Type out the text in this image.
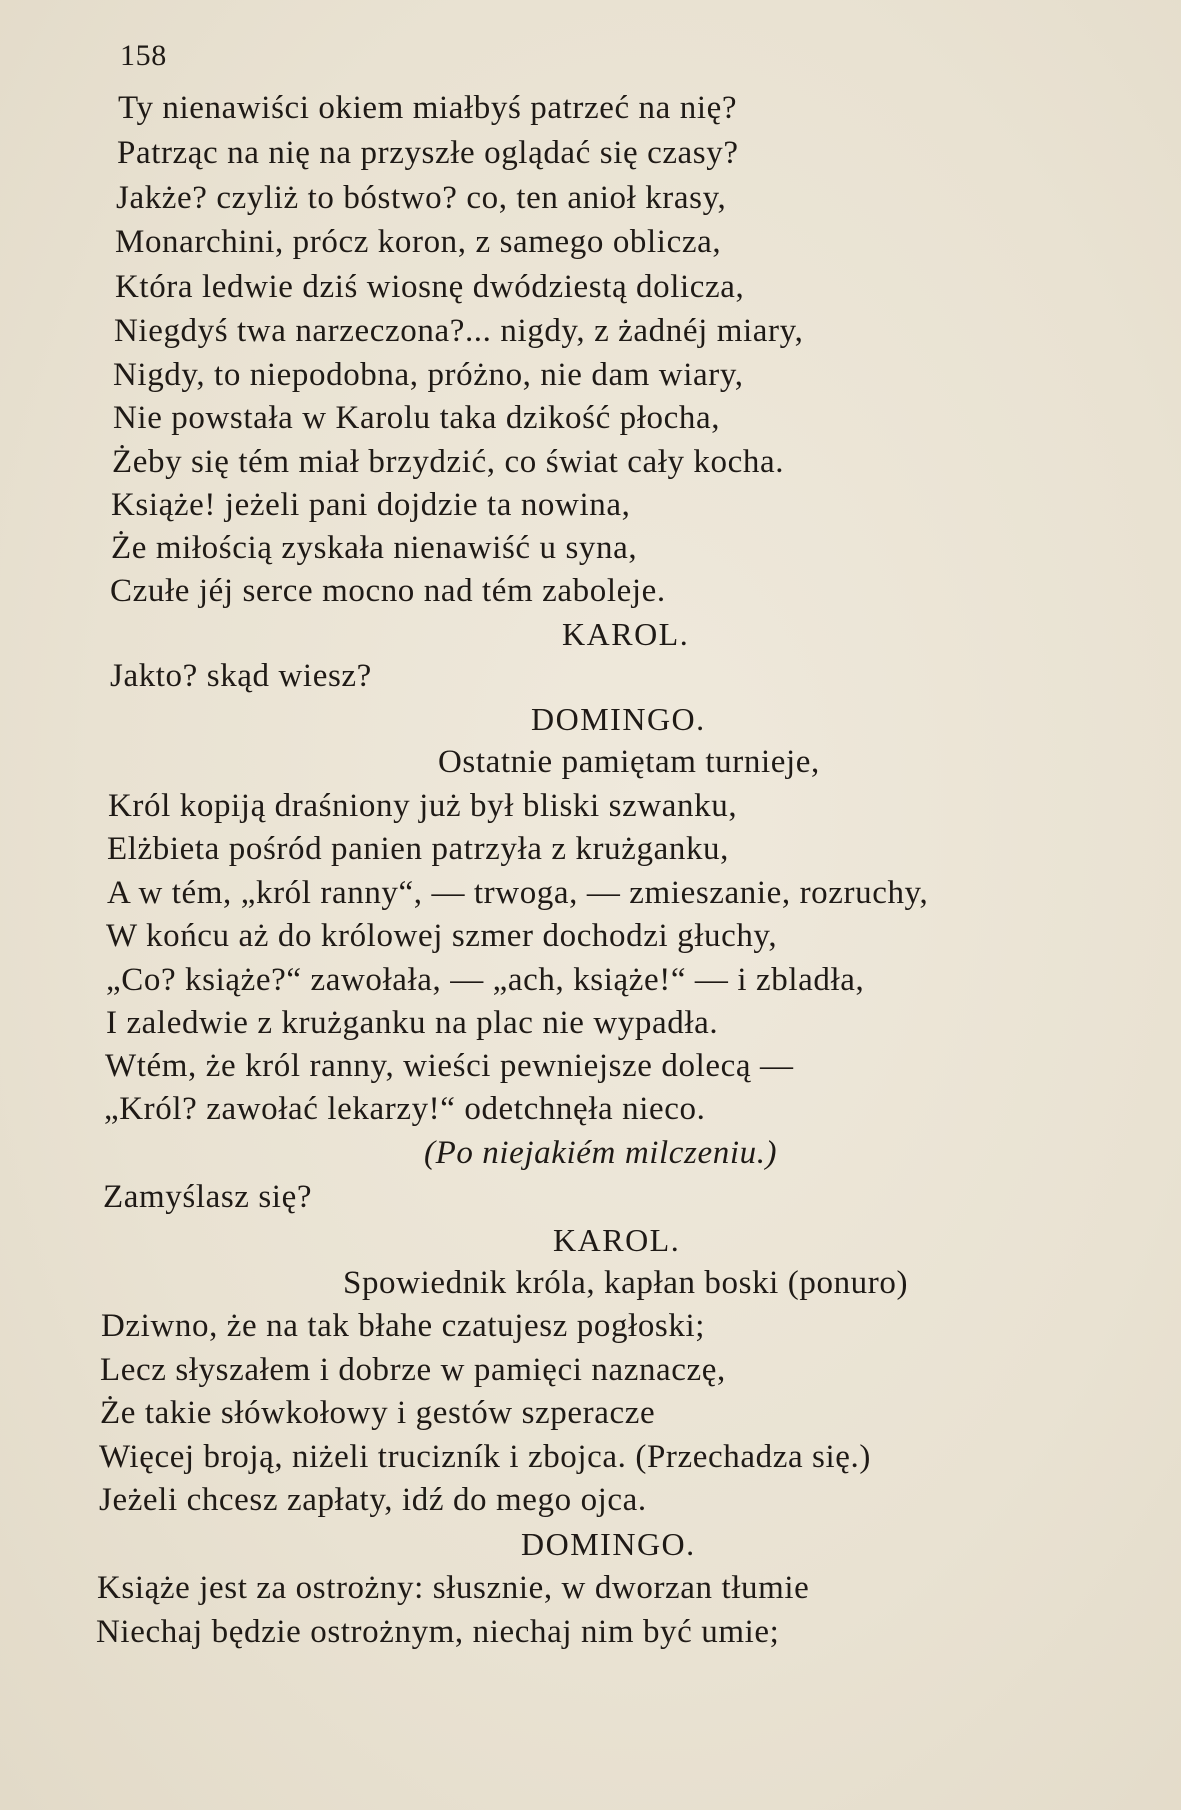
158
Ty nienawiści okiem miałbyś patrzeć na nię?
Patrząc na nię na przyszłe oglądać się czasy?
Jakże? czyliż to bóstwo? co, ten anioł krasy,
Monarchini, prócz koron, z samego oblicza,
Która ledwie dziś wiosnę dwódziestą dolicza,
Niegdyś twa narzeczona?... nigdy, z żadnéj miary,
Nigdy, to niepodobna, próżno, nie dam wiary,
Nie powstała w Karolu taka dzikość płocha,
Żeby się tém miał brzydzić, co świat cały kocha.
Książe! jeżeli pani dojdzie ta nowina,
Że miłością zyskała nienawiść u syna,
Czułe jéj serce mocno nad tém zaboleje.
KAROL.
Jakto? skąd wiesz?
DOMINGO.
Ostatnie pamiętam turnieje,
Król kopiją draśniony już był bliski szwanku,
Elżbieta pośród panien patrzyła z krużganku,
A w tém, „król ranny“, — trwoga, — zmieszanie, rozruchy,
W końcu aż do królowej szmer dochodzi głuchy,
„Co? książe?“ zawołała, — „ach, książe!“ — i zbladła,
I zaledwie z krużganku na plac nie wypadła.
Wtém, że król ranny, wieści pewniejsze dolecą —
„Król? zawołać lekarzy!“ odetchnęła nieco.
(Po niejakiém milczeniu.)
Zamyślasz się?
KAROL.
Spowiednik króla, kapłan boski (ponuro)
Dziwno, że na tak błahe czatujesz pogłoski;
Lecz słyszałem i dobrze w pamięci naznaczę,
Że takie słówkołowy i gestów szperacze
Więcej broją, niżeli trucizník i zbojca. (Przechadza się.)
Jeżeli chcesz zapłaty, idź do mego ojca.
DOMINGO.
Książe jest za ostrożny: słusznie, w dworzan tłumie
Niechaj będzie ostrożnym, niechaj nim być umie;
